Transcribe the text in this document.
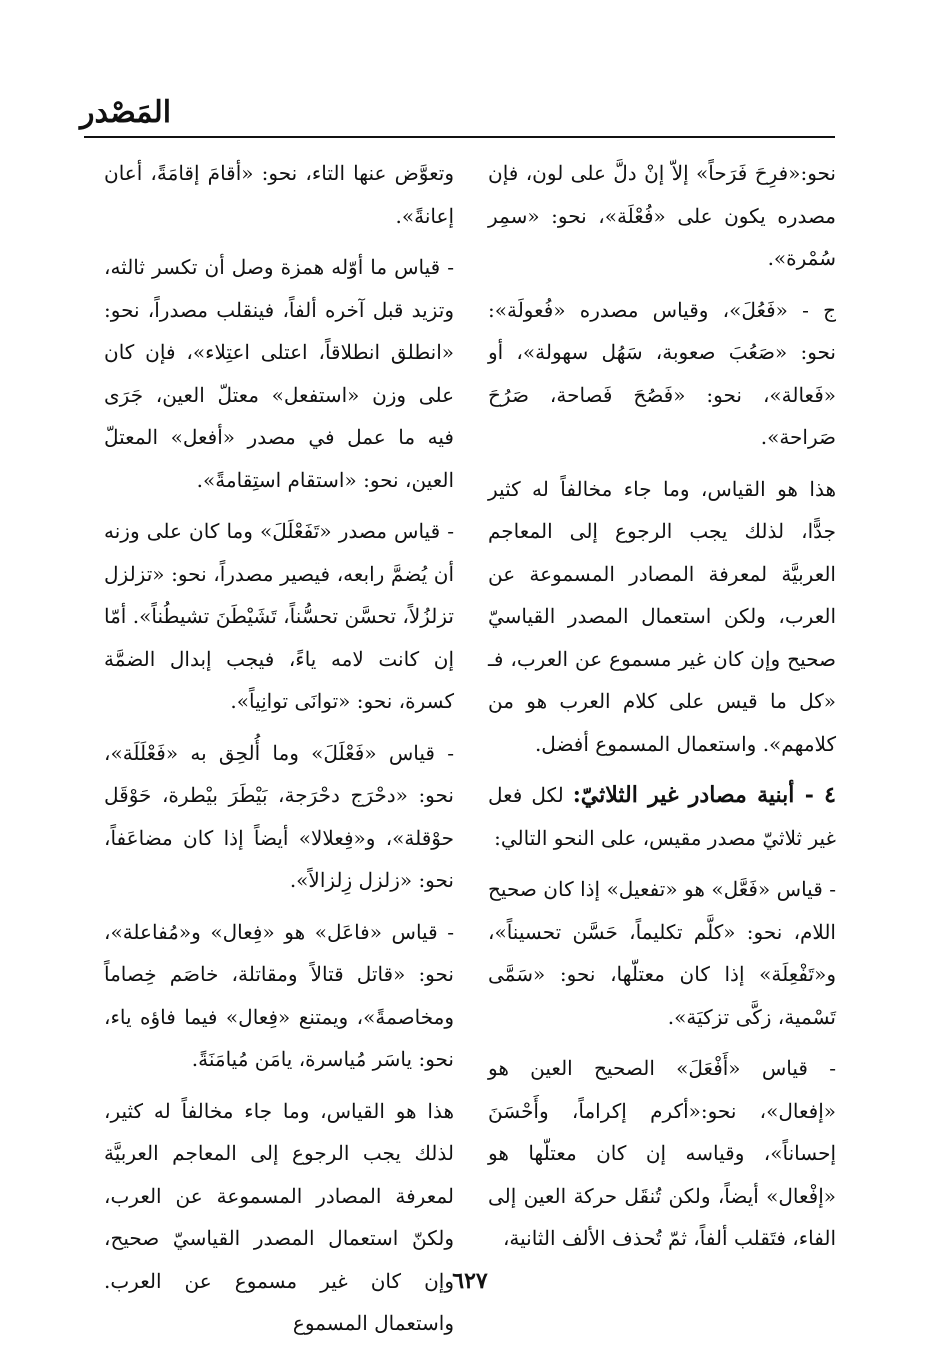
المَصْدر

نحو:«فرِحَ فَرَحاً» إلاّ إنْ دلَّ على لون، فإن مصدره يكون على «فُعْلَة»، نحو: «سمِر سُمْرة».

ج - «فَعُلَ»، وقياس مصدره «فُعولَة»: نحو: «صَعُبَ صعوبة، سَهُل سهولة»، أو «فَعالة»، نحو: «فَصُحَ فَصاحة، صَرُحَ صَراحة».

هذا هو القياس، وما جاء مخالفاً له كثير جدًّا، لذلك يجب الرجوع إلى المعاجم العربيَّة لمعرفة المصادر المسموعة عن العرب، ولكن استعمال المصدر القياسيّ صحيح وإن كان غير مسموع عن العرب، فـ «كل ما قيس على كلام العرب هو من كلامهم». واستعمال المسموع أفضل.

٤ - أبنية مصادر غير الثلاثيّ: لكل فعل غير ثلاثيّ مصدر مقيس، على النحو التالي:

- قياس «فَعَّل» هو «تفعيل» إذا كان صحيح اللام، نحو: «كلَّم تكليماً، حَسَّن تحسيناً»، و«تَفْعِلَة» إذا كان معتلّها، نحو: «سَمَّى تَسْمية، زكَّى تزكيَة».

- قياس «أَفْعَلَ» الصحيح العين هو «إفعال»، نحو:«أكرم إكراماً، وأَحْسَنَ إحساناً»، وقياسه إن كان معتلّها هو «إفْعال» أيضاً، ولكن تُنقَل حركة العين إلى الفاء، فتَقلب ألفاً، ثمّ تُحذف الألف الثانية،

وتعوَّض عنها التاء، نحو: «أقامَ إقامَةً، أعان إعانةً».

- قياس ما أوّله همزة وصل أن تكسر ثالثه، وتزيد قبل آخره ألفاً، فينقلب مصدراً، نحو: «انطلق انطلاقاً، اعتلى اعتِلاء»، فإن كان على وزن «استفعل» معتلّ العين، جَرَى فيه ما عمل في مصدر «أفعل» المعتلّ العين، نحو: «استقام استِقامةً».

- قياس مصدر «تَفَعْلَلَ» وما كان على وزنه أن يُضمَّ رابعه، فيصير مصدراً، نحو: «تزلزل تزلزُلاً، تحسَّن تحسُّناً، تَشَيْطَنَ تشيطُناً». أمّا إن كانت لامه ياءً، فيجب إبدال الضمَّة كسرة، نحو: «توانَى توانِياً».

- قياس «فَعْلَلَ» وما أُلحِق به «فَعْلَلَة»، نحو: «دحْرَج دحْرَجة، بَيْطَرَ بيْطرة، حَوْقَل حوْقلة»، و«فِعلالا» أيضاً إذا كان مضاعَفاً، نحو: «زلزل زِلزالاً».

- قياس «فاعَل» هو «فِعال» و«مُفاعلة»، نحو: «قاتل قتالاً ومقاتلة، خاصَم خِصاماً ومخاصمةً»، ويمتنع «فِعال» فيما فاؤه ياء، نحو: ياسَر مُياسرة، يامَن مُيامَنَةً.

هذا هو القياس، وما جاء مخالفاً له كثير، لذلك يجب الرجوع إلى المعاجم العربيَّة لمعرفة المصادر المسموعة عن العرب، ولكنّ استعمال المصدر القياسيّ صحيح، وإن كان غير مسموع عن العرب. واستعمال المسموع

٦٢٧
